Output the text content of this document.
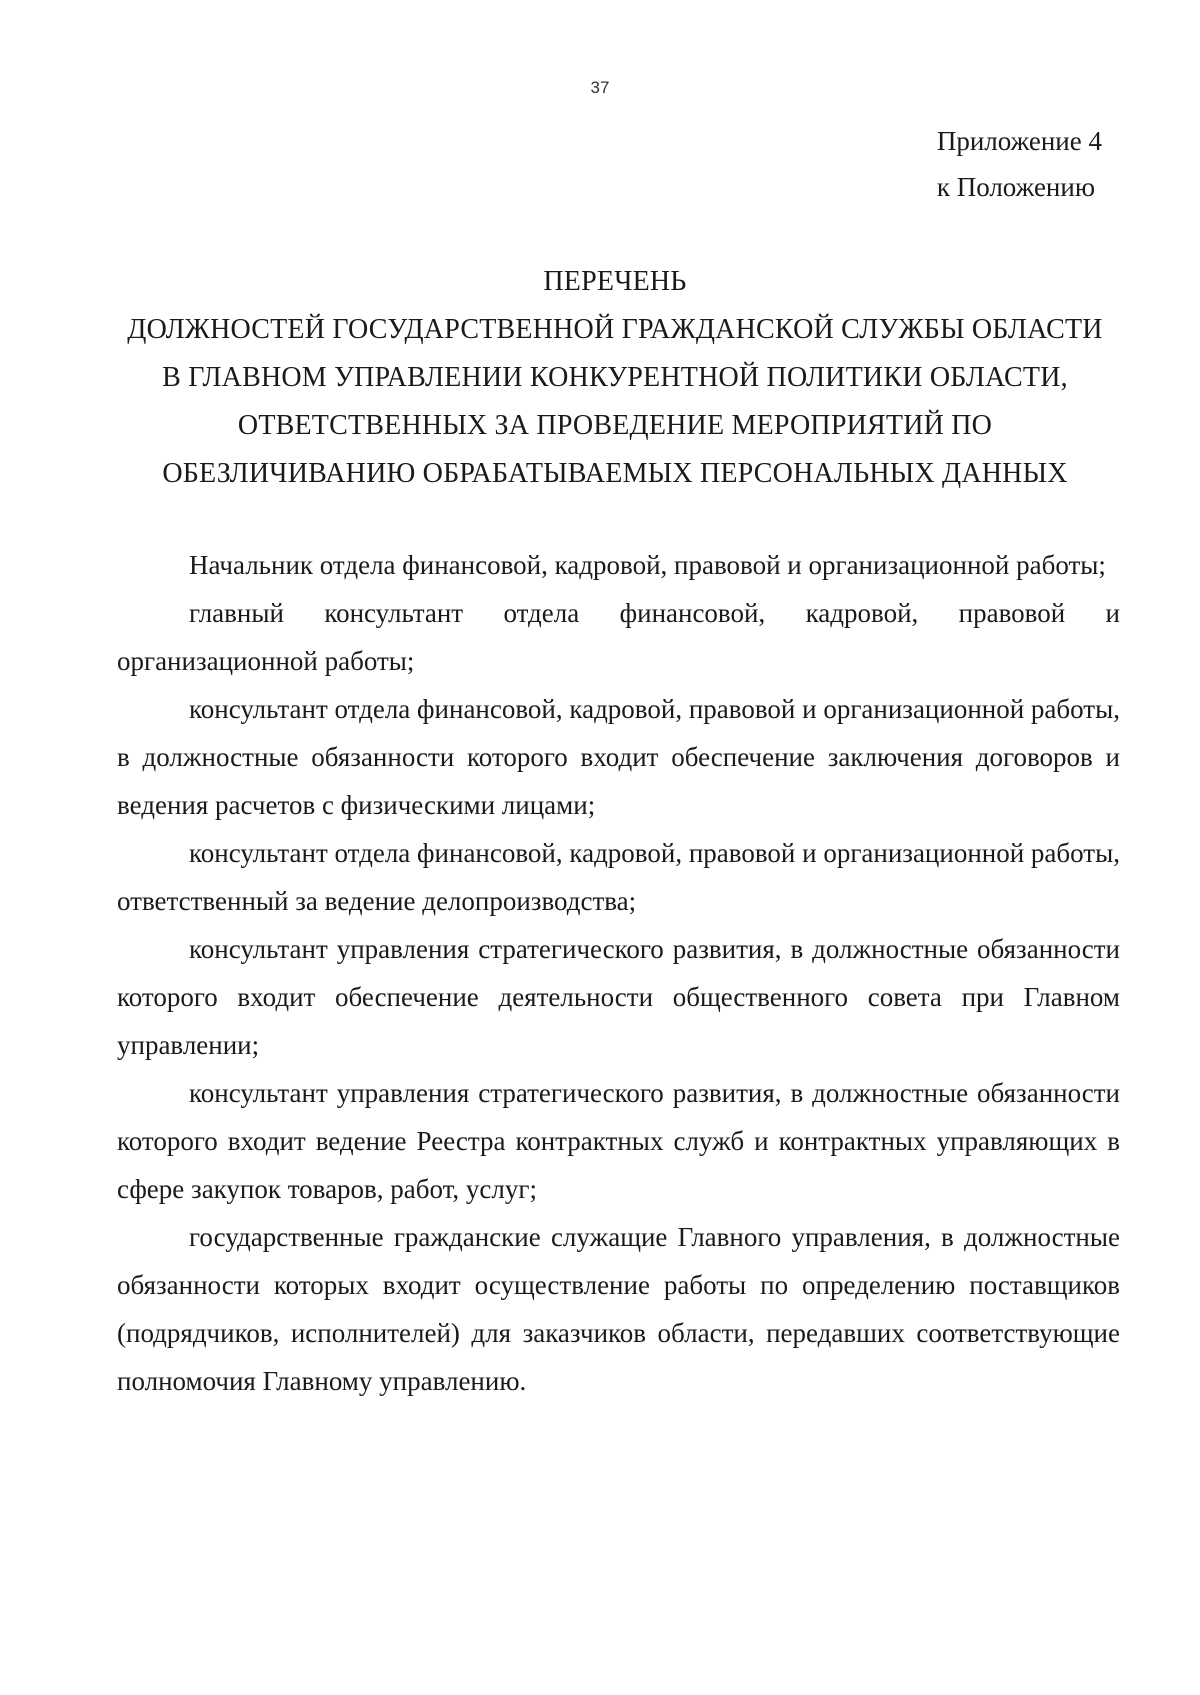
37
Приложение 4
к Положению
ПЕРЕЧЕНЬ
ДОЛЖНОСТЕЙ ГОСУДАРСТВЕННОЙ ГРАЖДАНСКОЙ СЛУЖБЫ ОБЛАСТИ
В ГЛАВНОМ УПРАВЛЕНИИ КОНКУРЕНТНОЙ ПОЛИТИКИ ОБЛАСТИ,
ОТВЕТСТВЕННЫХ ЗА ПРОВЕДЕНИЕ МЕРОПРИЯТИЙ ПО
ОБЕЗЛИЧИВАНИЮ ОБРАБАТЫВАЕМЫХ ПЕРСОНАЛЬНЫХ ДАННЫХ

Начальник отдела финансовой, кадровой, правовой и организационной работы;

главный консультант отдела финансовой, кадровой, правовой и организационной работы;

консультант отдела финансовой, кадровой, правовой и организационной работы, в должностные обязанности которого входит обеспечение заключения договоров и ведения расчетов с физическими лицами;

консультант отдела финансовой, кадровой, правовой и организационной работы, ответственный за ведение делопроизводства;

консультант управления стратегического развития, в должностные обязанности которого входит обеспечение деятельности общественного совета при Главном управлении;

консультант управления стратегического развития, в должностные обязанности которого входит ведение Реестра контрактных служб и контрактных управляющих в сфере закупок товаров, работ, услуг;

государственные гражданские служащие Главного управления, в должностные обязанности которых входит осуществление работы по определению поставщиков (подрядчиков, исполнителей) для заказчиков области, передавших соответствующие полномочия Главному управлению.
